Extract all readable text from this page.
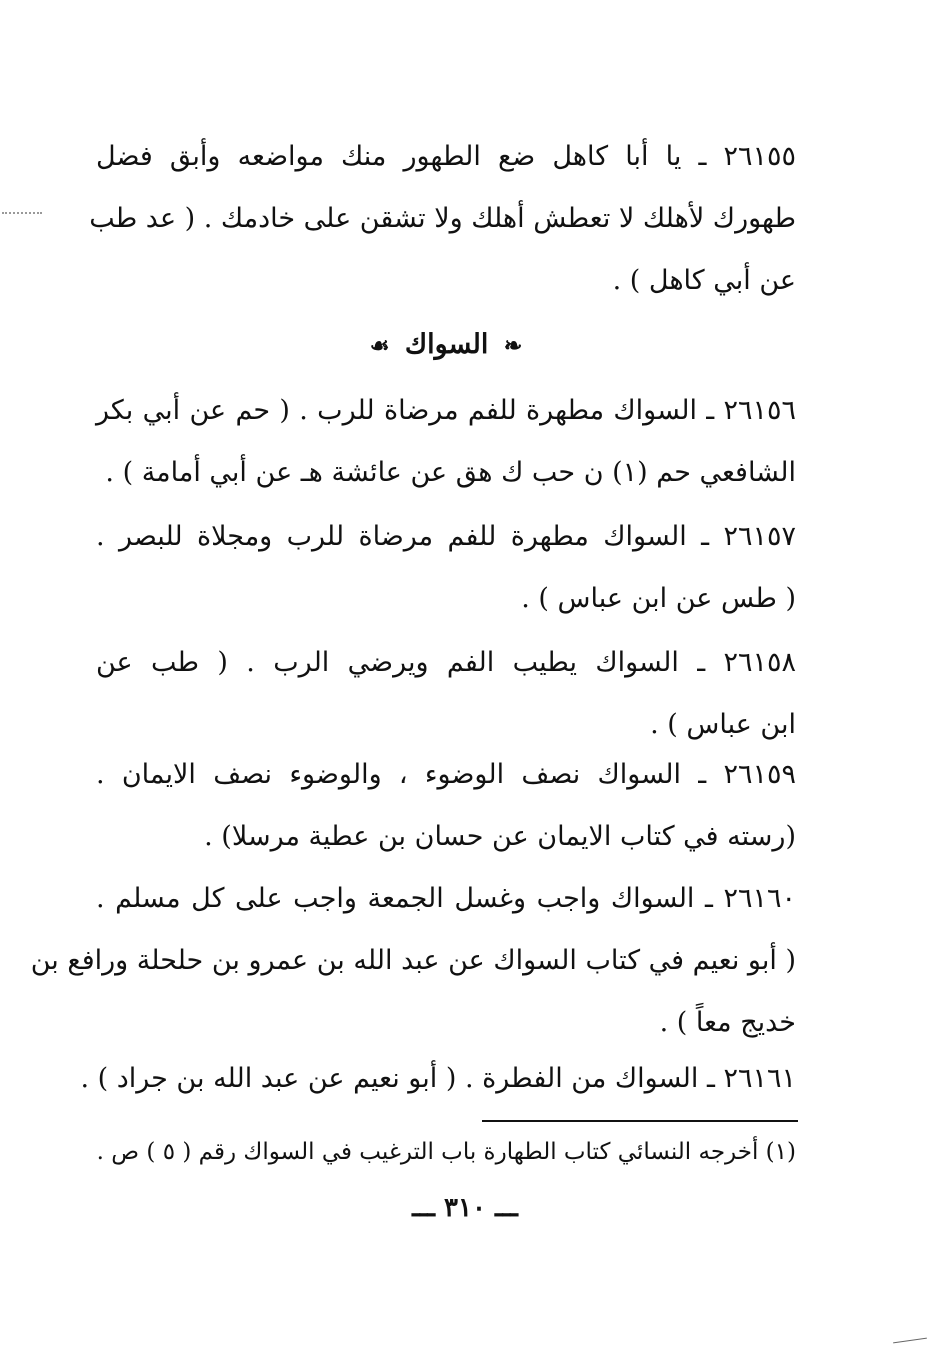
٢٦١٥٥ ـ يا أبا كاهل ضع الطهور منك مواضعه وأبق فضل
طهورك لأهلك لا تعطش أهلك ولا تشقن على خادمك . ( عد طب
عن أبي كاهل ) .
❧ السواك ☙
٢٦١٥٦ ـ السواك مطهرة للفم مرضاة للرب . ( حم عن أبي بكر
الشافعي حم (١) ن حب ك هق عن عائشة هـ عن أبي أمامة ) .
٢٦١٥٧ ـ السواك مطهرة للفم مرضاة للرب ومجلاة للبصر .
( طس عن ابن عباس ) .
٢٦١٥٨ ـ السواك يطيب الفم ويرضي الرب . ( طب عن
ابن عباس ) .
٢٦١٥٩ ـ السواك نصف الوضوء ، والوضوء نصف الايمان .
(رسته في كتاب الايمان عن حسان بن عطية مرسلا) .
٢٦١٦٠ ـ السواك واجب وغسل الجمعة واجب على كل مسلم .
( أبو نعيم في كتاب السواك عن عبد الله بن عمرو بن حلحلة ورافع بن
خديج معاً ) .
٢٦١٦١ ـ السواك من الفطرة . ( أبو نعيم عن عبد الله بن جراد ) .
(١) أخرجه النسائي كتاب الطهارة باب الترغيب في السواك رقم ( ٥ ) ص .
ـــ ٣١٠ ـــ
